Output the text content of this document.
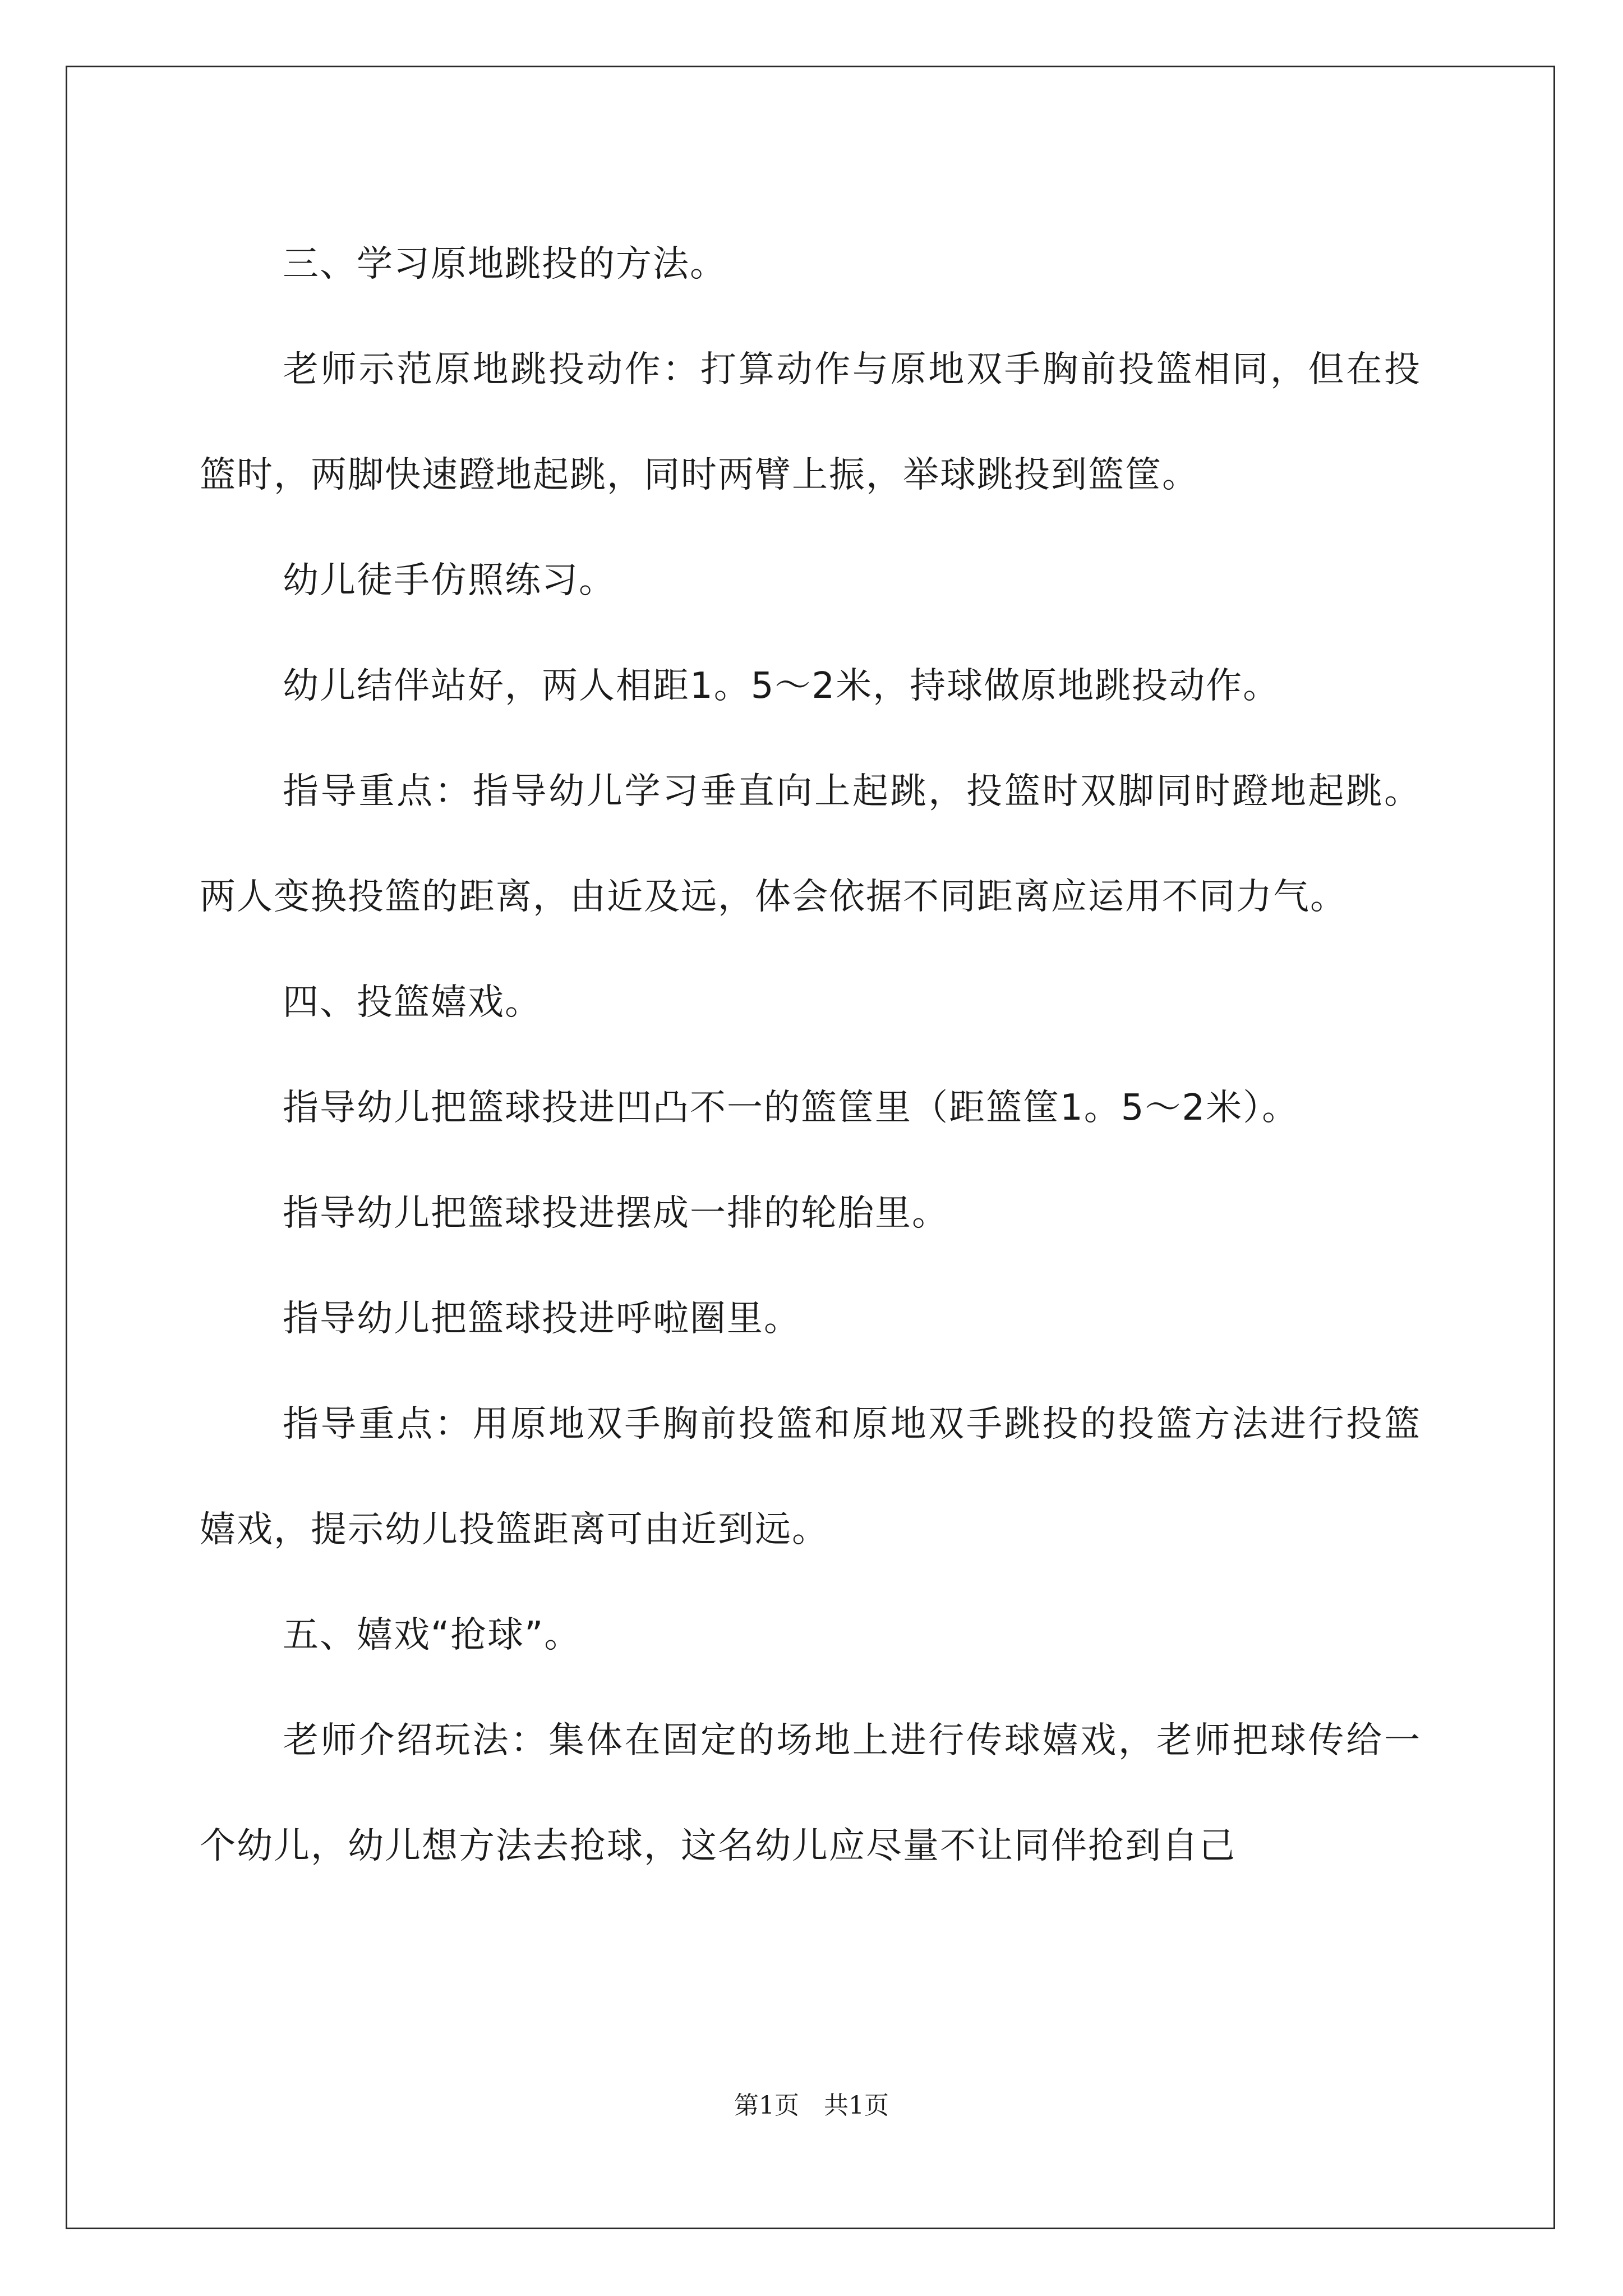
三、学习原地跳投的方法。

老师示范原地跳投动作：打算动作与原地双手胸前投篮相同，但在投篮时，两脚快速蹬地起跳，同时两臂上振，举球跳投到篮筐。

幼儿徒手仿照练习。

幼儿结伴站好，两人相距1。5～2米，持球做原地跳投动作。

指导重点：指导幼儿学习垂直向上起跳，投篮时双脚同时蹬地起跳。两人变换投篮的距离，由近及远，体会依据不同距离应运用不同力气。

四、投篮嬉戏。

指导幼儿把篮球投进凹凸不一的篮筐里（距篮筐1。5～2米）。

指导幼儿把篮球投进摆成一排的轮胎里。

指导幼儿把篮球投进呼啦圈里。

指导重点：用原地双手胸前投篮和原地双手跳投的投篮方法进行投篮嬉戏，提示幼儿投篮距离可由近到远。

五、嬉戏“抢球”。

老师介绍玩法：集体在固定的场地上进行传球嬉戏，老师把球传给一个幼儿，幼儿想方法去抢球，这名幼儿应尽量不让同伴抢到自己

第1页 共1页
